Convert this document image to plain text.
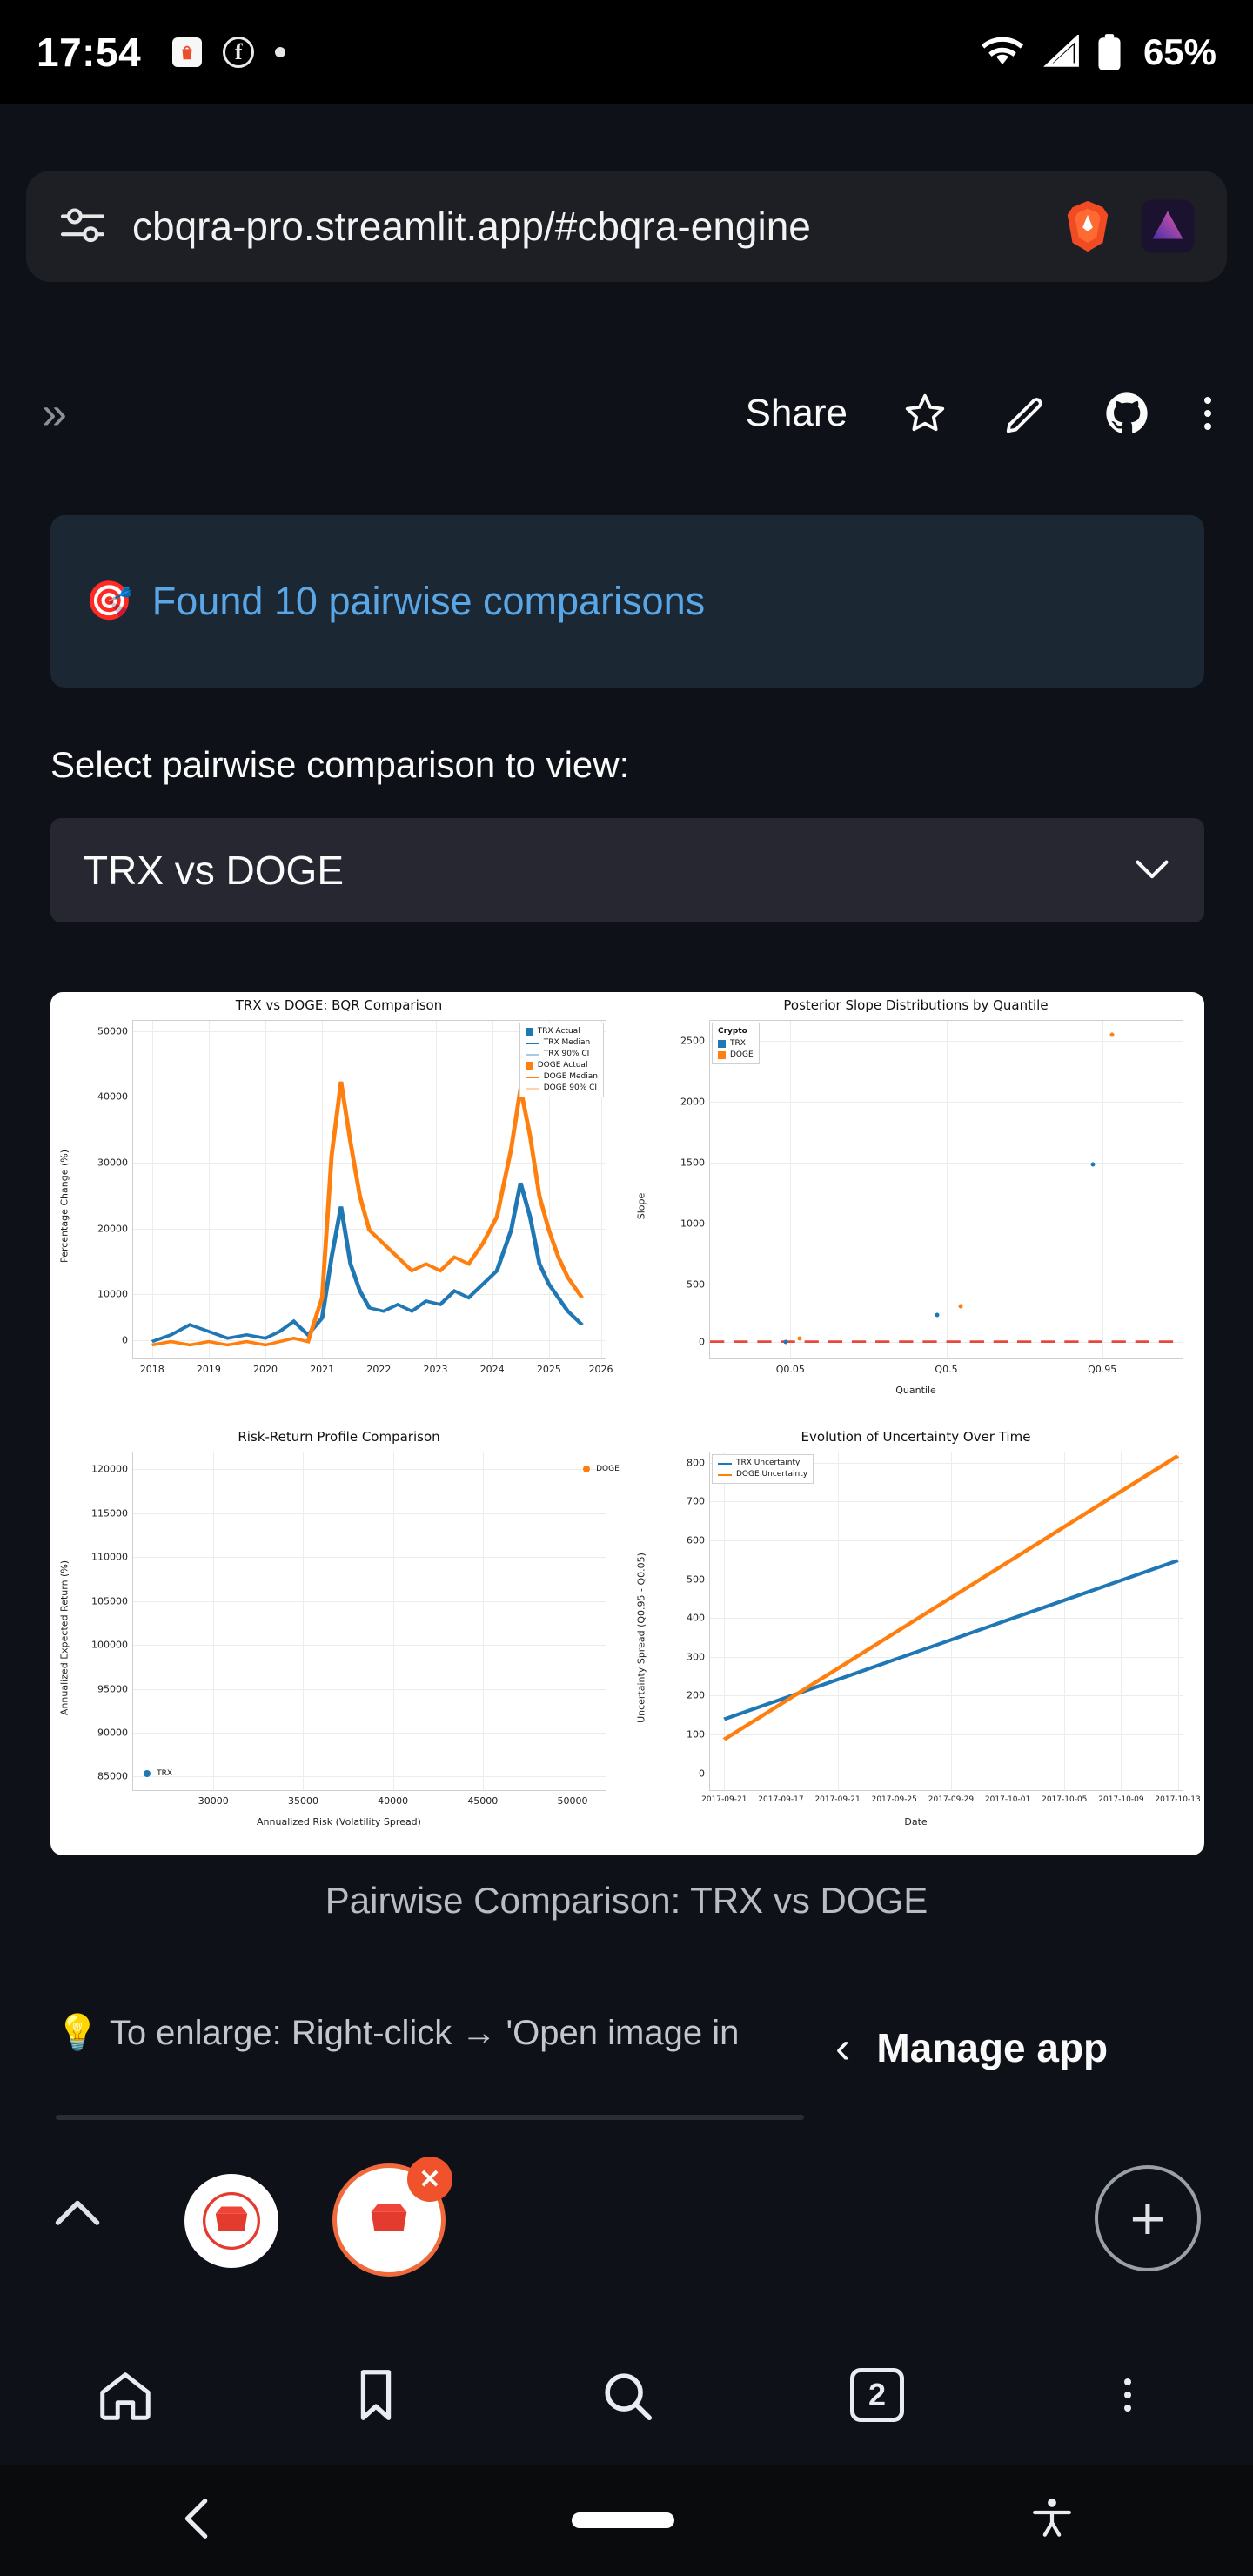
17:54	f	65%
cbqra-pro.streamlit.app/#cbqra-engine
»	Share
🎯 Found 10 pairwise comparisons
Select pairwise comparison to view:
TRX vs DOGE
TRX vs DOGE: BQR Comparison
Percentage Change (%)
50000
40000
30000
20000
10000
0
2018	2019	2020	2021	2022	2023	2024	2025	2026
TRX Actual
TRX Median
TRX 90% CI
DOGE Actual
DOGE Median
DOGE 90% CI
Posterior Slope Distributions by Quantile
Slope
Quantile
2500
2000
1500
1000
500
0
Q0.05	Q0.5	Q0.95
Crypto
TRX
DOGE
Risk-Return Profile Comparison
Annualized Expected Return (%)
Annualized Risk (Volatility Spread)
120000
115000
110000
105000
100000
95000
90000
85000
30000	35000	40000	45000	50000
TRX
DOGE
Evolution of Uncertainty Over Time
Uncertainty Spread (Q0.95 - Q0.05)
Date
800
700
600
500
400
300
200
100
0
2017-09-21 2017-09-17 2017-09-21 2017-09-25 2017-09-29 2017-10-01 2017-10-05 2017-10-09 2017-10-13
TRX Uncertainty
DOGE Uncertainty
Pairwise Comparison: TRX vs DOGE
💡 To enlarge: Right-click → 'Open image in	‹ Manage app
✕
+
2
